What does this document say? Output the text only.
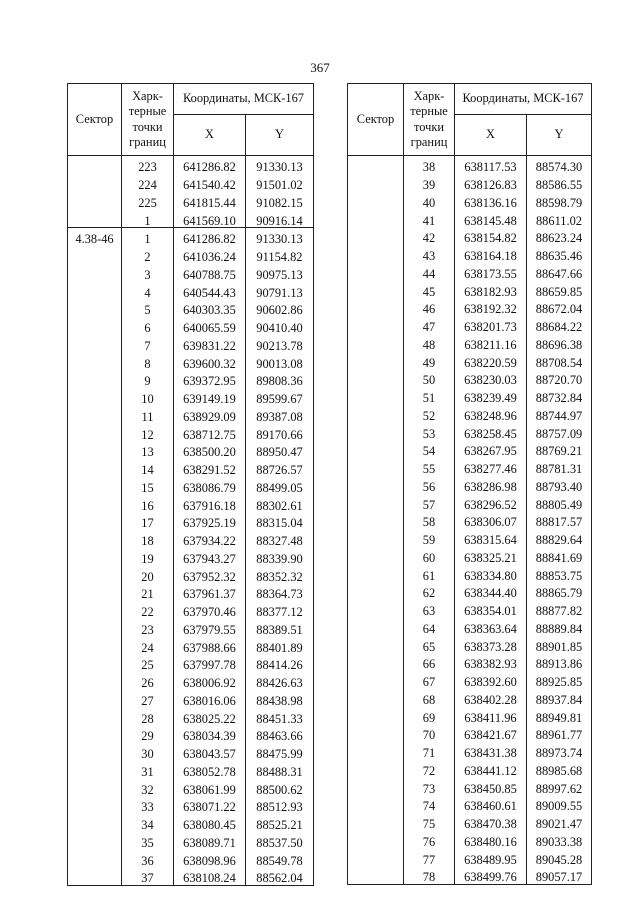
367
Сектор	Харк-терные точки границ	Координаты, МСК-167	
		X	Y
	223	641286.82	91330.13
	224	641540.42	91501.02
	225	641815.44	91082.15
	1	641569.10	90916.14
4.38-46	1	641286.82	91330.13
	2	641036.24	91154.82
	3	640788.75	90975.13
	4	640544.43	90791.13
	5	640303.35	90602.86
	6	640065.59	90410.40
	7	639831.22	90213.78
	8	639600.32	90013.08
	9	639372.95	89808.36
	10	639149.19	89599.67
	11	638929.09	89387.08
	12	638712.75	89170.66
	13	638500.20	88950.47
	14	638291.52	88726.57
	15	638086.79	88499.05
	16	637916.18	88302.61
	17	637925.19	88315.04
	18	637934.22	88327.48
	19	637943.27	88339.90
	20	637952.32	88352.32
	21	637961.37	88364.73
	22	637970.46	88377.12
	23	637979.55	88389.51
	24	637988.66	88401.89
	25	637997.78	88414.26
	26	638006.92	88426.63
	27	638016.06	88438.98
	28	638025.22	88451.33
	29	638034.39	88463.66
	30	638043.57	88475.99
	31	638052.78	88488.31
	32	638061.99	88500.62
	33	638071.22	88512.93
	34	638080.45	88525.21
	35	638089.71	88537.50
	36	638098.96	88549.78
	37	638108.24	88562.04
Сектор	Харк-терные точки границ	Координаты, МСК-167	
		X	Y
	38	638117.53	88574.30
	39	638126.83	88586.55
	40	638136.16	88598.79
	41	638145.48	88611.02
	42	638154.82	88623.24
	43	638164.18	88635.46
	44	638173.55	88647.66
	45	638182.93	88659.85
	46	638192.32	88672.04
	47	638201.73	88684.22
	48	638211.16	88696.38
	49	638220.59	88708.54
	50	638230.03	88720.70
	51	638239.49	88732.84
	52	638248.96	88744.97
	53	638258.45	88757.09
	54	638267.95	88769.21
	55	638277.46	88781.31
	56	638286.98	88793.40
	57	638296.52	88805.49
	58	638306.07	88817.57
	59	638315.64	88829.64
	60	638325.21	88841.69
	61	638334.80	88853.75
	62	638344.40	88865.79
	63	638354.01	88877.82
	64	638363.64	88889.84
	65	638373.28	88901.85
	66	638382.93	88913.86
	67	638392.60	88925.85
	68	638402.28	88937.84
	69	638411.96	88949.81
	70	638421.67	88961.77
	71	638431.38	88973.74
	72	638441.12	88985.68
	73	638450.85	88997.62
	74	638460.61	89009.55
	75	638470.38	89021.47
	76	638480.16	89033.38
	77	638489.95	89045.28
	78	638499.76	89057.17
